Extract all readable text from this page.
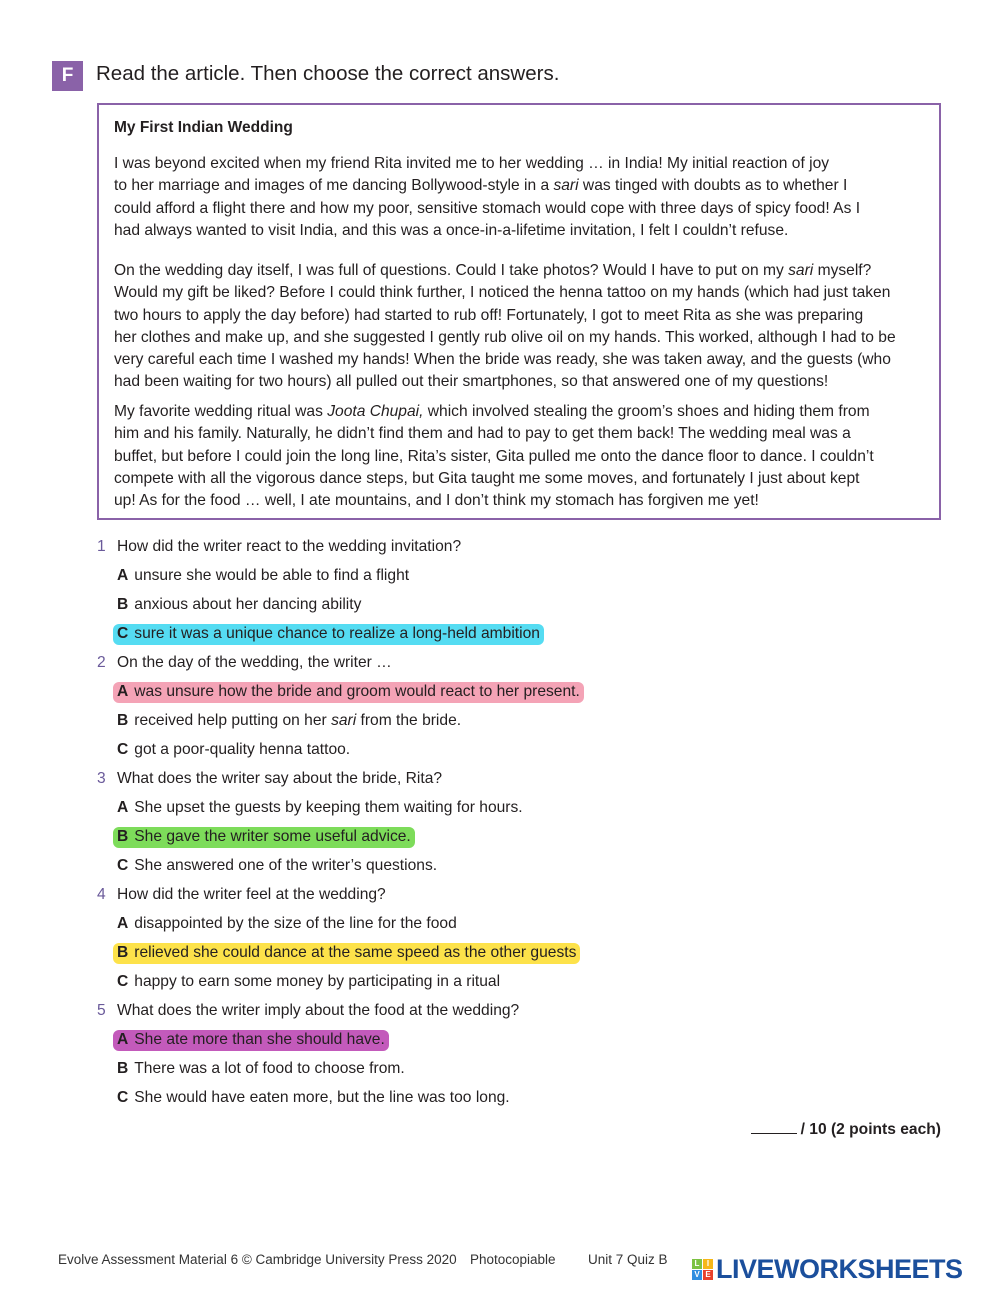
F	Read the article. Then choose the correct answers.
My First Indian Wedding
I was beyond excited when my friend Rita invited me to her wedding … in India! My initial reaction of joy
to her marriage and images of me dancing Bollywood-style in a sari was tinged with doubts as to whether I
could afford a flight there and how my poor, sensitive stomach would cope with three days of spicy food! As I
had always wanted to visit India, and this was a once-in-a-lifetime invitation, I felt I couldn’t refuse.
On the wedding day itself, I was full of questions. Could I take photos? Would I have to put on my sari myself?
Would my gift be liked? Before I could think further, I noticed the henna tattoo on my hands (which had just taken
two hours to apply the day before) had started to rub off! Fortunately, I got to meet Rita as she was preparing
her clothes and make up, and she suggested I gently rub olive oil on my hands. This worked, although I had to be
very careful each time I washed my hands! When the bride was ready, she was taken away, and the guests (who
had been waiting for two hours) all pulled out their smartphones, so that answered one of my questions!
My favorite wedding ritual was Joota Chupai, which involved stealing the groom’s shoes and hiding them from
him and his family. Naturally, he didn’t find them and had to pay to get them back! The wedding meal was a
buffet, but before I could join the long line, Rita’s sister, Gita pulled me onto the dance floor to dance. I couldn’t
compete with all the vigorous dance steps, but Gita taught me some moves, and fortunately I just about kept
up! As for the food … well, I ate mountains, and I don’t think my stomach has forgiven me yet!
1 How did the writer react to the wedding invitation?
A unsure she would be able to find a flight
B anxious about her dancing ability
C sure it was a unique chance to realize a long-held ambition
2 On the day of the wedding, the writer …
A was unsure how the bride and groom would react to her present.
B received help putting on her sari from the bride.
C got a poor-quality henna tattoo.
3 What does the writer say about the bride, Rita?
A She upset the guests by keeping them waiting for hours.
B She gave the writer some useful advice.
C She answered one of the writer’s questions.
4 How did the writer feel at the wedding?
A disappointed by the size of the line for the food
B relieved she could dance at the same speed as the other guests
C happy to earn some money by participating in a ritual
5 What does the writer imply about the food at the wedding?
A She ate more than she should have.
B There was a lot of food to choose from.
C She would have eaten more, but the line was too long.
/ 10 (2 points each)
Evolve Assessment Material 6 © Cambridge University Press 2020 Photocopiable Unit 7 Quiz B	L I
V E LIVEWORKSHEETS
